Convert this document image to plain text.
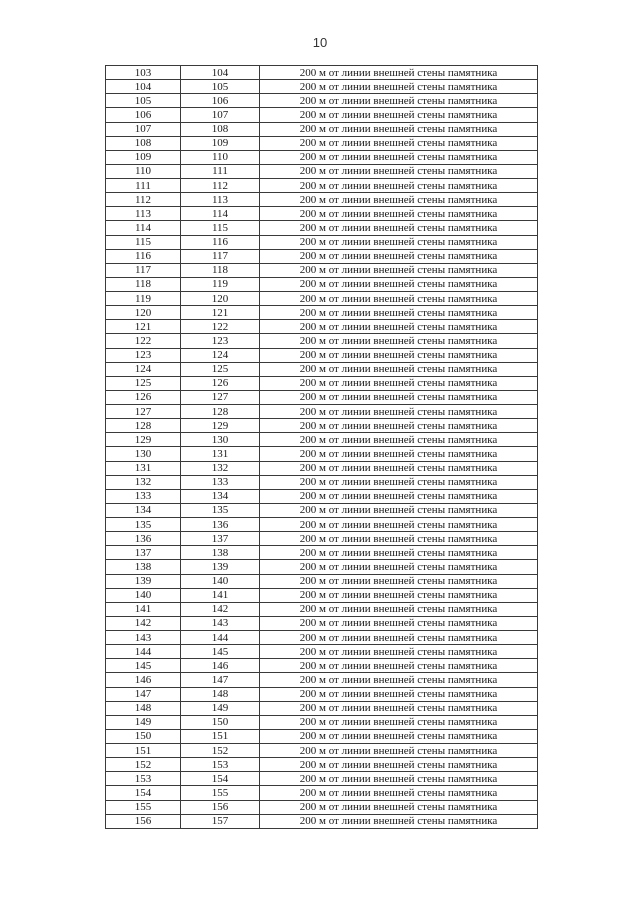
10
103	104	200 м от линии внешней стены памятника
104	105	200 м от линии внешней стены памятника
105	106	200 м от линии внешней стены памятника
106	107	200 м от линии внешней стены памятника
107	108	200 м от линии внешней стены памятника
108	109	200 м от линии внешней стены памятника
109	110	200 м от линии внешней стены памятника
110	111	200 м от линии внешней стены памятника
111	112	200 м от линии внешней стены памятника
112	113	200 м от линии внешней стены памятника
113	114	200 м от линии внешней стены памятника
114	115	200 м от линии внешней стены памятника
115	116	200 м от линии внешней стены памятника
116	117	200 м от линии внешней стены памятника
117	118	200 м от линии внешней стены памятника
118	119	200 м от линии внешней стены памятника
119	120	200 м от линии внешней стены памятника
120	121	200 м от линии внешней стены памятника
121	122	200 м от линии внешней стены памятника
122	123	200 м от линии внешней стены памятника
123	124	200 м от линии внешней стены памятника
124	125	200 м от линии внешней стены памятника
125	126	200 м от линии внешней стены памятника
126	127	200 м от линии внешней стены памятника
127	128	200 м от линии внешней стены памятника
128	129	200 м от линии внешней стены памятника
129	130	200 м от линии внешней стены памятника
130	131	200 м от линии внешней стены памятника
131	132	200 м от линии внешней стены памятника
132	133	200 м от линии внешней стены памятника
133	134	200 м от линии внешней стены памятника
134	135	200 м от линии внешней стены памятника
135	136	200 м от линии внешней стены памятника
136	137	200 м от линии внешней стены памятника
137	138	200 м от линии внешней стены памятника
138	139	200 м от линии внешней стены памятника
139	140	200 м от линии внешней стены памятника
140	141	200 м от линии внешней стены памятника
141	142	200 м от линии внешней стены памятника
142	143	200 м от линии внешней стены памятника
143	144	200 м от линии внешней стены памятника
144	145	200 м от линии внешней стены памятника
145	146	200 м от линии внешней стены памятника
146	147	200 м от линии внешней стены памятника
147	148	200 м от линии внешней стены памятника
148	149	200 м от линии внешней стены памятника
149	150	200 м от линии внешней стены памятника
150	151	200 м от линии внешней стены памятника
151	152	200 м от линии внешней стены памятника
152	153	200 м от линии внешней стены памятника
153	154	200 м от линии внешней стены памятника
154	155	200 м от линии внешней стены памятника
155	156	200 м от линии внешней стены памятника
156	157	200 м от линии внешней стены памятника
